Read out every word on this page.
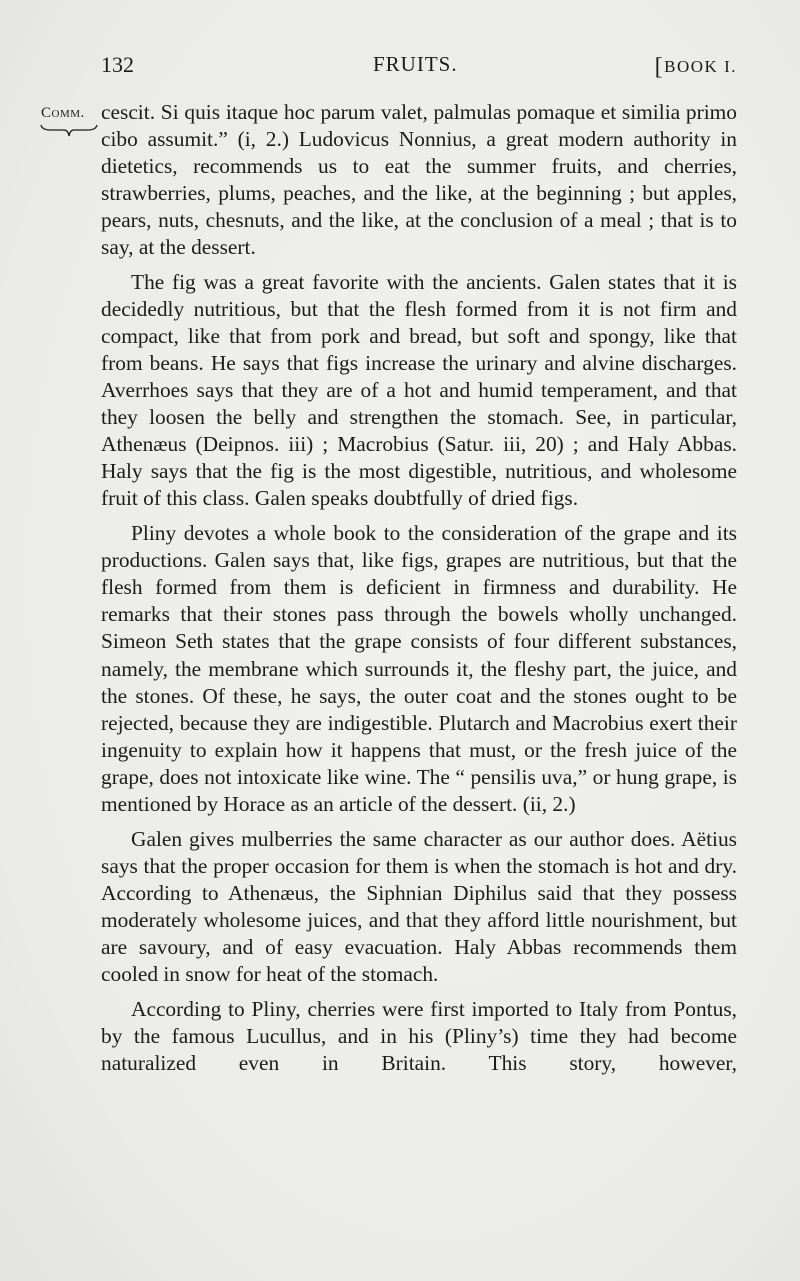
132	FRUITS.	[BOOK I.
Comm. cescit. Si quis itaque hoc parum valet, palmulas pomaque et similia primo cibo assumit.” (i, 2.) Ludovicus Nonnius, a great modern authority in dietetics, recommends us to eat the summer fruits, and cherries, strawberries, plums, peaches, and the like, at the beginning ; but apples, pears, nuts, chesnuts, and the like, at the conclusion of a meal ; that is to say, at the dessert.

The fig was a great favorite with the ancients. Galen states that it is decidedly nutritious, but that the flesh formed from it is not firm and compact, like that from pork and bread, but soft and spongy, like that from beans. He says that figs increase the urinary and alvine discharges. Averrhoes says that they are of a hot and humid temperament, and that they loosen the belly and strengthen the stomach. See, in particular, Athenæus (Deipnos. iii) ; Macrobius (Satur. iii, 20) ; and Haly Abbas. Haly says that the fig is the most digestible, nutritious, and wholesome fruit of this class. Galen speaks doubtfully of dried figs.

Pliny devotes a whole book to the consideration of the grape and its productions. Galen says that, like figs, grapes are nutritious, but that the flesh formed from them is deficient in firmness and durability. He remarks that their stones pass through the bowels wholly unchanged. Simeon Seth states that the grape consists of four different substances, namely, the membrane which surrounds it, the fleshy part, the juice, and the stones. Of these, he says, the outer coat and the stones ought to be rejected, because they are indigestible. Plutarch and Macrobius exert their ingenuity to explain how it happens that must, or the fresh juice of the grape, does not intoxicate like wine. The “ pensilis uva,” or hung grape, is mentioned by Horace as an article of the dessert. (ii, 2.)

Galen gives mulberries the same character as our author does. Aëtius says that the proper occasion for them is when the stomach is hot and dry. According to Athenæus, the Siphnian Diphilus said that they possess moderately wholesome juices, and that they afford little nourishment, but are savoury, and of easy evacuation. Haly Abbas recommends them cooled in snow for heat of the stomach.

According to Pliny, cherries were first imported to Italy from Pontus, by the famous Lucullus, and in his (Pliny’s) time they had become naturalized even in Britain. This story, however,
